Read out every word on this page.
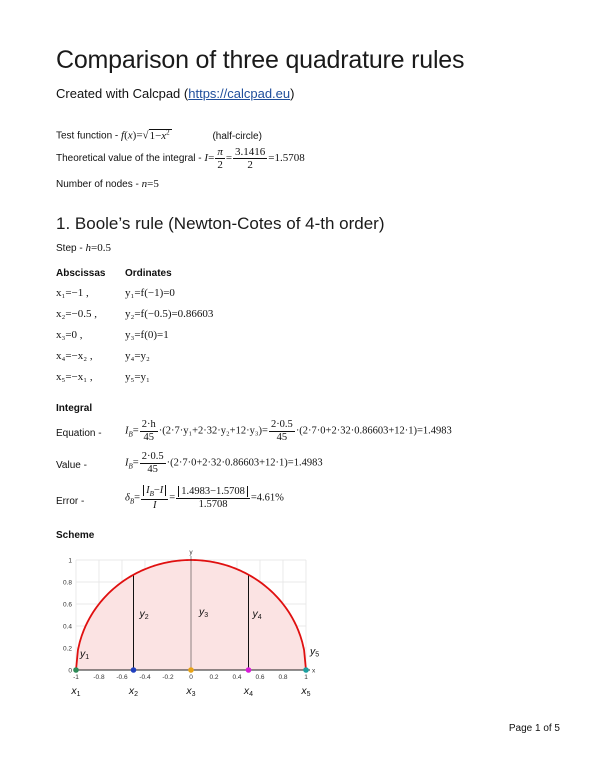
Comparison of three quadrature rules
Created with Calcpad (https://calcpad.eu)
Test function - $f(x)=√1-x^2$	(half-circle)
Theoretical value of the integral - $I= \frac{\pi}{2} = \frac{3.1416}{2} =1.5708$
Number of nodes - n=5
1. Boole’s rule (Newton-Cotes of 4-th order)
Step - h=0.5
Abscissas Ordinates
x₁=−1 ,	y₁=f(−1)=0
x₂=−0.5 ,	y₂=f(−0.5)=0.86603
x₃=0 ,	y₃=f(0)=1
x₄=−x₂ ,	y₄=y₂
x₅=−x₁ ,	y₅=y₁
Integral
Equation - $I_B= \frac{2\cdot h}{45} \cdot(2\cdot 7\cdot y_1+2\cdot 32\cdot y_2+12\cdot y_3)= \frac{2\cdot 0.5}{45} \cdot(2\cdot 7\cdot 0+2\cdot 32\cdot 0.86603+12\cdot 1)=1.4983$
Value -	$I_B= \frac{2\cdot 0.5}{45} \cdot(2\cdot 7\cdot 0+2\cdot 32\cdot 0.86603+12\cdot 1)=1.4983$
Error -	$\delta_B= \frac{I_B-I}{I} = \frac{1.4983-1.5708}{1.5708} =4.61\%$
Scheme
y
x
-1 -0.8 -0.6 -0.4 -0.2 0	0.2 0.4 0.6 0.8	1
0
0.2
0.4
0.6
0.8
1
x1
y1
x2
y2
x3
y3
x4
y4
x5
y5
Page 1 of 5
